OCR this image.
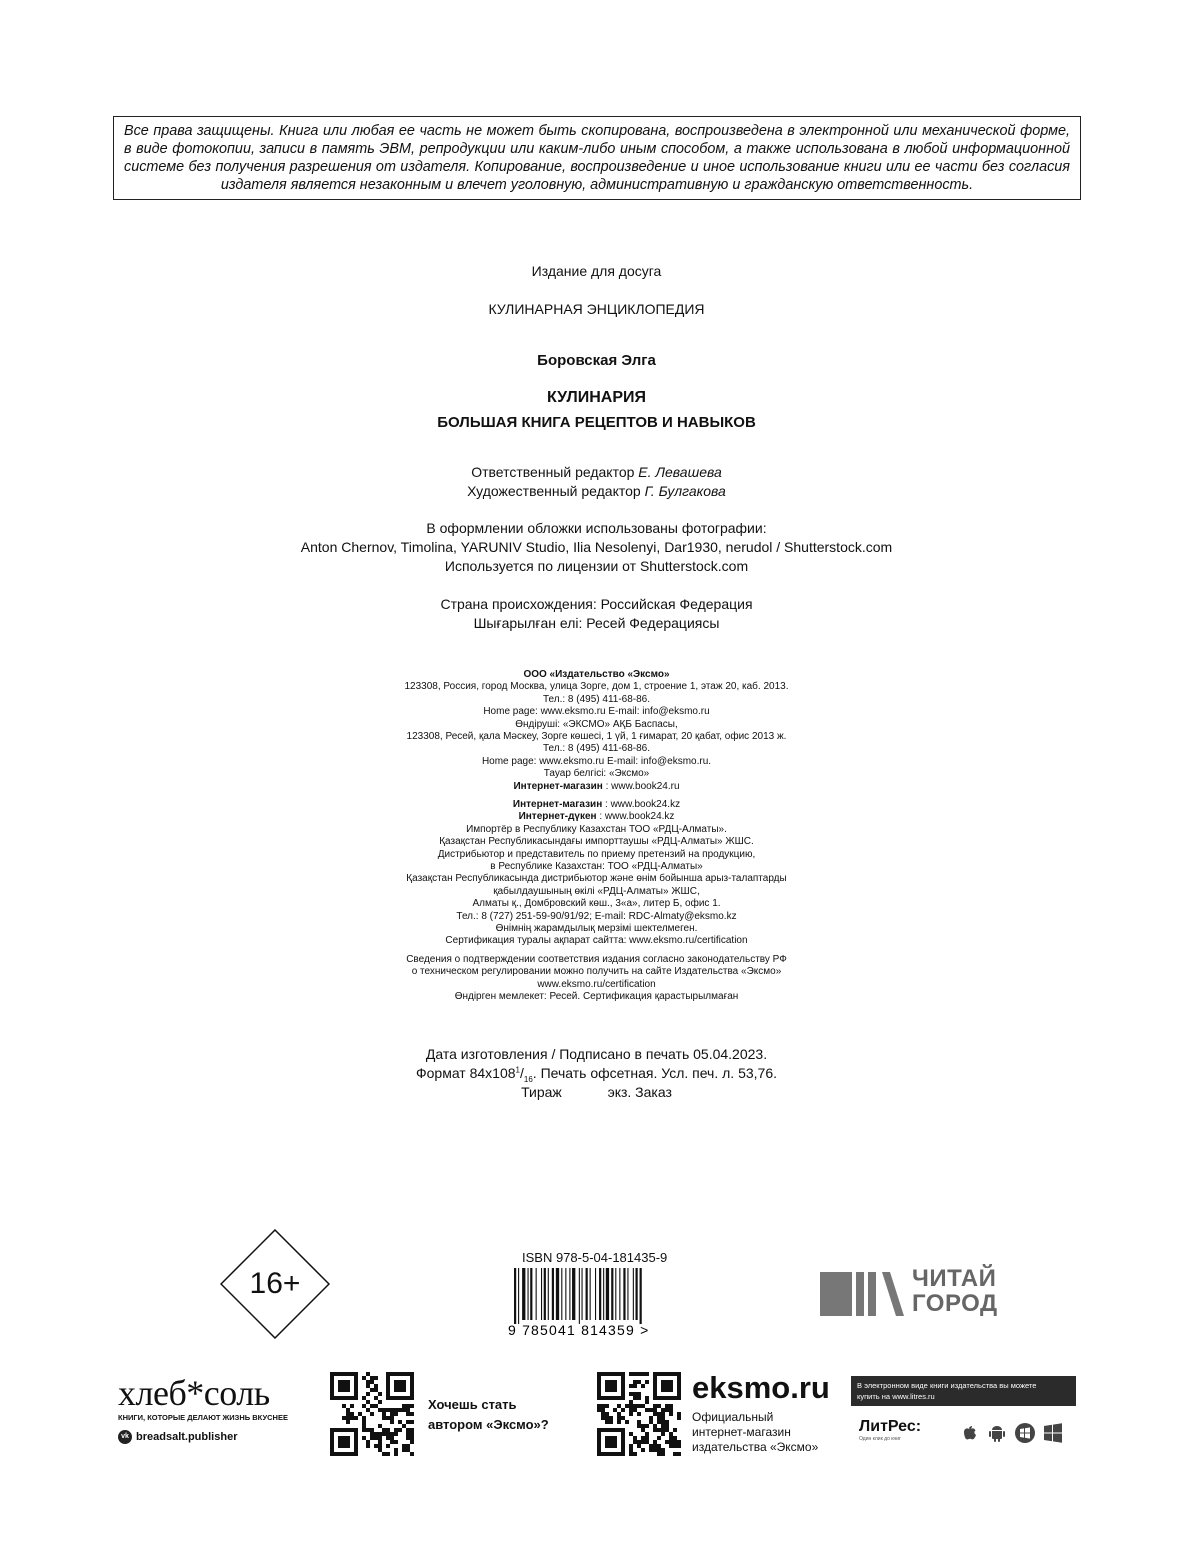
Все права защищены. Книга или любая ее часть не может быть скопирована, воспроизведена в электронной или механической форме, в виде фотокопии, записи в память ЭВМ, репродукции или каким-либо иным способом, а также использована в любой информационной системе без получения разрешения от издателя. Копирование, воспроизведение и иное использование книги или ее части без согласия издателя является незаконным и влечет уголовную, административную и гражданскую ответственность.
Издание для досуга
КУЛИНАРНАЯ ЭНЦИКЛОПЕДИЯ
Боровская Элга
КУЛИНАРИЯ
БОЛЬШАЯ КНИГА РЕЦЕПТОВ И НАВЫКОВ
Ответственный редактор Е. Левашева
Художественный редактор Г. Булгакова
В оформлении обложки использованы фотографии:
Anton Chernov, Timolina, YARUNIV Studio, Ilia Nesolenyi, Dar1930, nerudol / Shutterstock.com
Используется по лицензии от Shutterstock.com
Страна происхождения: Российская Федерация
Шығарылған елі: Ресей Федерациясы
ООО «Издательство «Эксмо»
123308, Россия, город Москва, улица Зорге, дом 1, строение 1, этаж 20, каб. 2013.
Тел.: 8 (495) 411-68-86.
Home page: www.eksmo.ru E-mail: info@eksmo.ru
Өндіруші: «ЭКСМО» АҚБ Баспасы,
123308, Ресей, қала Мәскеу, Зорге көшесі, 1 үй, 1 ғимарат, 20 қабат, офис 2013 ж.
Тел.: 8 (495) 411-68-86.
Home page: www.eksmo.ru E-mail: info@eksmo.ru.
Тауар белгісі: «Эксмо»
Интернет-магазин : www.book24.ru
Интернет-магазин : www.book24.kz
Интернет-дүкен : www.book24.kz
Импортёр в Республику Казахстан ТОО «РДЦ-Алматы».
Қазақстан Республикасындағы импорттаушы «РДЦ-Алматы» ЖШС.
Дистрибьютор и представитель по приему претензий на продукцию,
в Республике Казахстан: ТОО «РДЦ-Алматы»
Қазақстан Республикасында дистрибьютор және өнім бойынша арыз-талаптарды
қабылдаушының өкілі «РДЦ-Алматы» ЖШС,
Алматы қ., Домбровский көш., 3«а», литер Б, офис 1.
Тел.: 8 (727) 251-59-90/91/92; E-mail: RDC-Almaty@eksmo.kz
Өнімнің жарамдылық мерзімі шектелмеген.
Сертификация туралы ақпарат сайтта: www.eksmo.ru/certification
Сведения о подтверждении соответствия издания согласно законодательству РФ
о техническом регулировании можно получить на сайте Издательства «Эксмо»
www.eksmo.ru/certification
Өндірген мемлекет: Ресей. Сертификация қарастырылмаған
Дата изготовления / Подписано в печать 05.04.2023.
Формат $84х108^1/_{16}$. Печать офсетная. Усл. печ. л. 53,76.
Тираж	экз. Заказ
16+
ISBN 978-5-04-181435-9
9 785041 814359 >
ЧИТАЙ
ГОРОД
хлеб*соль
КНИГИ, КОТОРЫЕ ДЕЛАЮТ ЖИЗНЬ ВКУСНЕЕ
vk breadsalt.publisher
Хочешь стать
автором «Эксмо»?
eksmo.ru
Официальный
интернет-магазин
издательства «Эксмо»
В электронном виде книги издательства вы можете
купить на www.litres.ru
ЛитРес:
Один клик до книг
